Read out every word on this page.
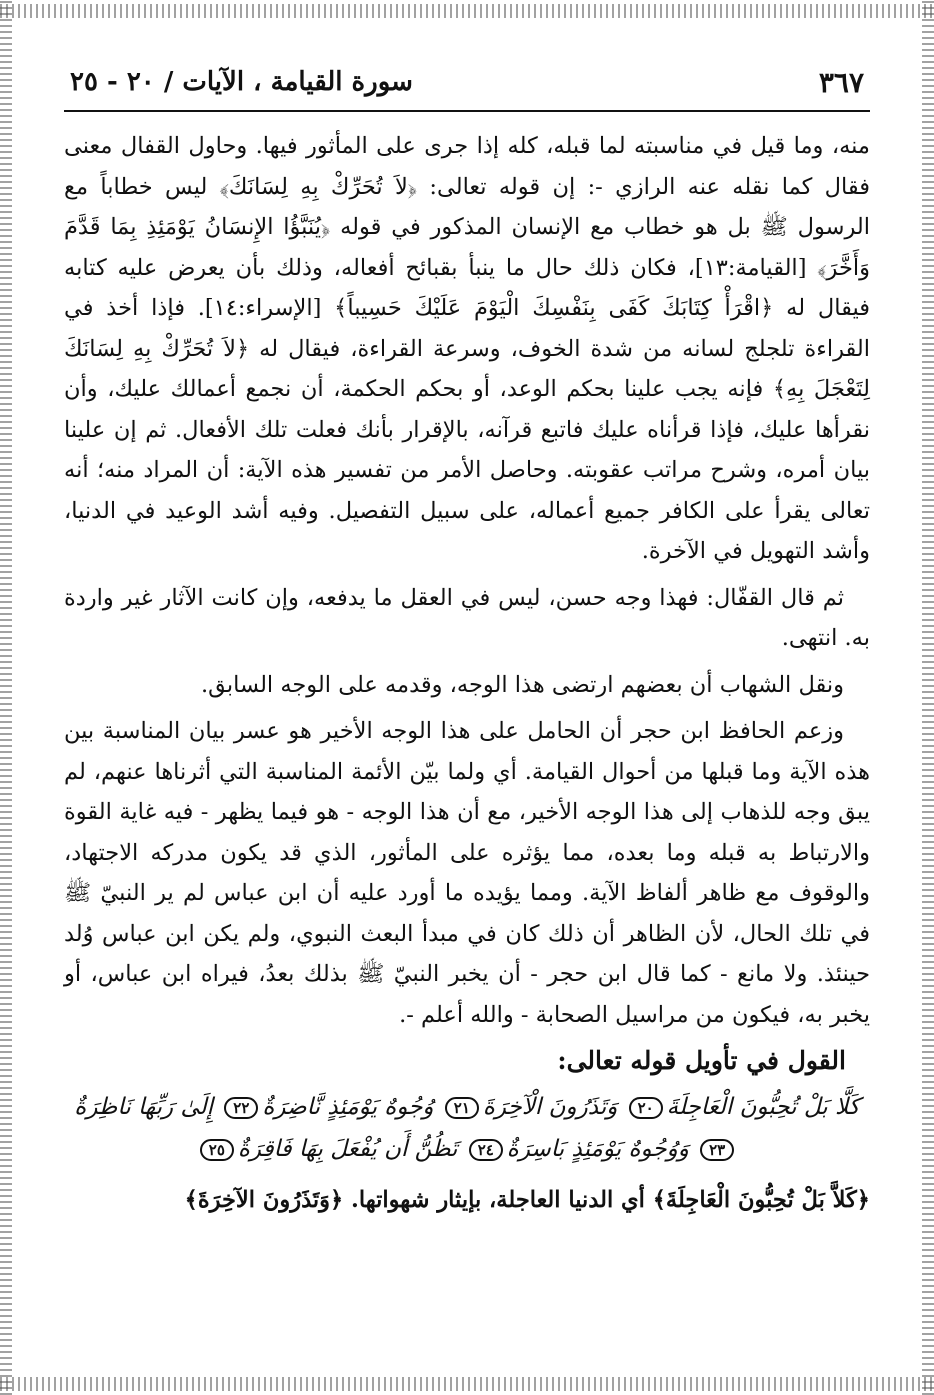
٣٦٧
سورة القيامة ، الآيات / ٢٠ - ٢٥

منه، وما قيل في مناسبته لما قبله، كله إذا جرى على المأثور فيها. وحاول القفال معنى فقال كما نقله عنه الرازي -: إن قوله تعالى: ﴿لاَ تُحَرِّكْ بِهِ لِسَانَكَ﴾ ليس خطاباً مع الرسول ﷺ بل هو خطاب مع الإنسان المذكور في قوله ﴿يُنَبَّؤُا الإِنسَانُ يَوْمَئِذِ بِمَا قَدَّمَ وَأَخَّرَ﴾ [القيامة:١٣]، فكان ذلك حال ما ينبأ بقبائح أفعاله، وذلك بأن يعرض عليه كتابه فيقال له ﴿اقْرَأْ كِتَابَكَ كَفَى بِنَفْسِكَ الْيَوْمَ عَلَيْكَ حَسِيباً﴾ [الإسراء:١٤]. فإذا أخذ في القراءة تلجلج لسانه من شدة الخوف، وسرعة القراءة، فيقال له ﴿لاَ تُحَرِّكْ بِهِ لِسَانَكَ لِتَعْجَلَ بِهِ﴾ فإنه يجب علينا بحكم الوعد، أو بحكم الحكمة، أن نجمع أعمالك عليك، وأن نقرأها عليك، فإذا قرأناه عليك فاتبع قرآنه، بالإقرار بأنك فعلت تلك الأفعال. ثم إن علينا بيان أمره، وشرح مراتب عقوبته. وحاصل الأمر من تفسير هذه الآية: أن المراد منه؛ أنه تعالى يقرأ على الكافر جميع أعماله، على سبيل التفصيل. وفيه أشد الوعيد في الدنيا، وأشد التهويل في الآخرة.

ثم قال القفّال: فهذا وجه حسن، ليس في العقل ما يدفعه، وإن كانت الآثار غير واردة به. انتهى.

ونقل الشهاب أن بعضهم ارتضى هذا الوجه، وقدمه على الوجه السابق.

وزعم الحافظ ابن حجر أن الحامل على هذا الوجه الأخير هو عسر بيان المناسبة بين هذه الآية وما قبلها من أحوال القيامة. أي ولما بيّن الأئمة المناسبة التي أثرناها عنهم، لم يبق وجه للذهاب إلى هذا الوجه الأخير، مع أن هذا الوجه - هو فيما يظهر - فيه غاية القوة والارتباط به قبله وما بعده، مما يؤثره على المأثور، الذي قد يكون مدركه الاجتهاد، والوقوف مع ظاهر ألفاظ الآية. ومما يؤيده ما أورد عليه أن ابن عباس لم ير النبيّ ﷺ في تلك الحال، لأن الظاهر أن ذلك كان في مبدأ البعث النبوي، ولم يكن ابن عباس وُلد حينئذ. ولا مانع - كما قال ابن حجر - أن يخبر النبيّ ﷺ بذلك بعدُ، فيراه ابن عباس، أو يخبر به، فيكون من مراسيل الصحابة - والله أعلم -.

القول في تأويل قوله تعالى:
كَلَّا بَلْ تُحِبُّونَ الْعَاجِلَةَ٢٠ وَتَذَرُونَ الْآخِرَةَ٢١ وُجُوهٌ يَوْمَئِذٍ نَّاضِرَةٌ٢٢ إِلَىٰ رَبِّهَا نَاظِرَةٌ٢٣ وَوُجُوهٌ يَوْمَئِذٍ بَاسِرَةٌ٢٤ تَظُنُّ أَن يُفْعَلَ بِهَا فَاقِرَةٌ٢٥
﴿كَلاَّ بَلْ تُحِبُّونَ الْعَاجِلَةَ﴾ أي الدنيا العاجلة، بإيثار شهواتها. ﴿وَتَذَرُونَ الآخِرَةَ﴾
